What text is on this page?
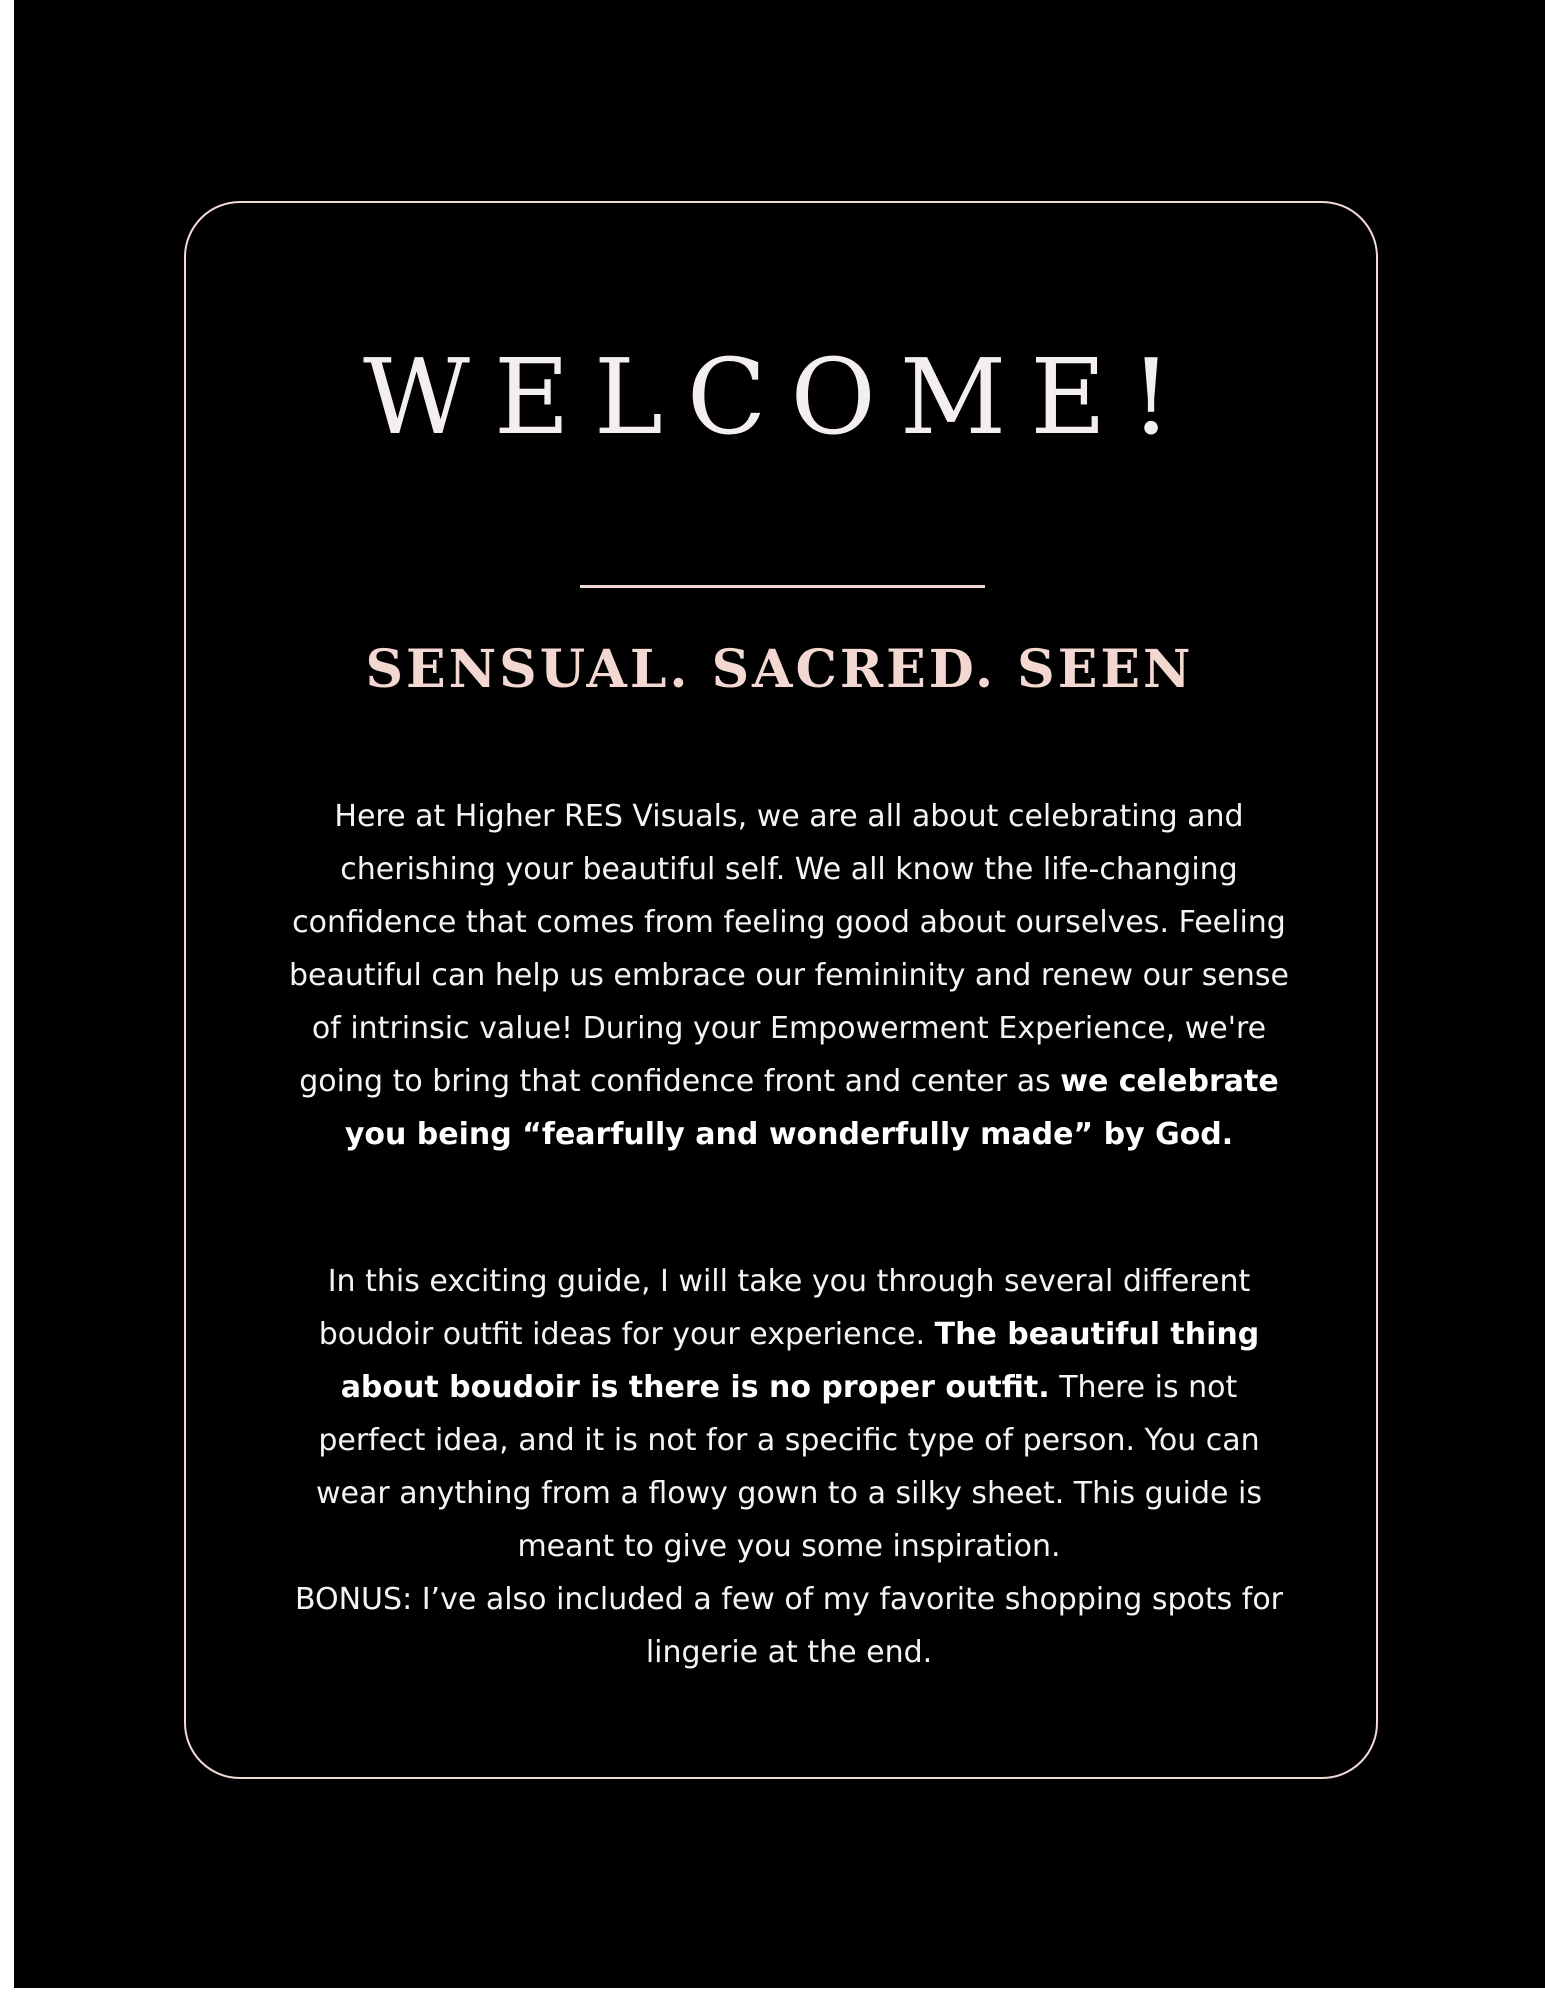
WELCOME!
SENSUAL. SACRED. SEEN

Here at Higher RES Visuals, we are all about celebrating and cherishing your beautiful self. We all know the life-changing confidence that comes from feeling good about ourselves. Feeling beautiful can help us embrace our femininity and renew our sense of intrinsic value! During your Empowerment Experience, we're going to bring that confidence front and center as we celebrate you being “fearfully and wonderfully made” by God.

In this exciting guide, I will take you through several different boudoir outfit ideas for your experience. The beautiful thing about boudoir is there is no proper outfit. There is not perfect idea, and it is not for a specific type of person. You can wear anything from a flowy gown to a silky sheet. This guide is meant to give you some inspiration.

BONUS: I’ve also included a few of my favorite shopping spots for lingerie at the end.
